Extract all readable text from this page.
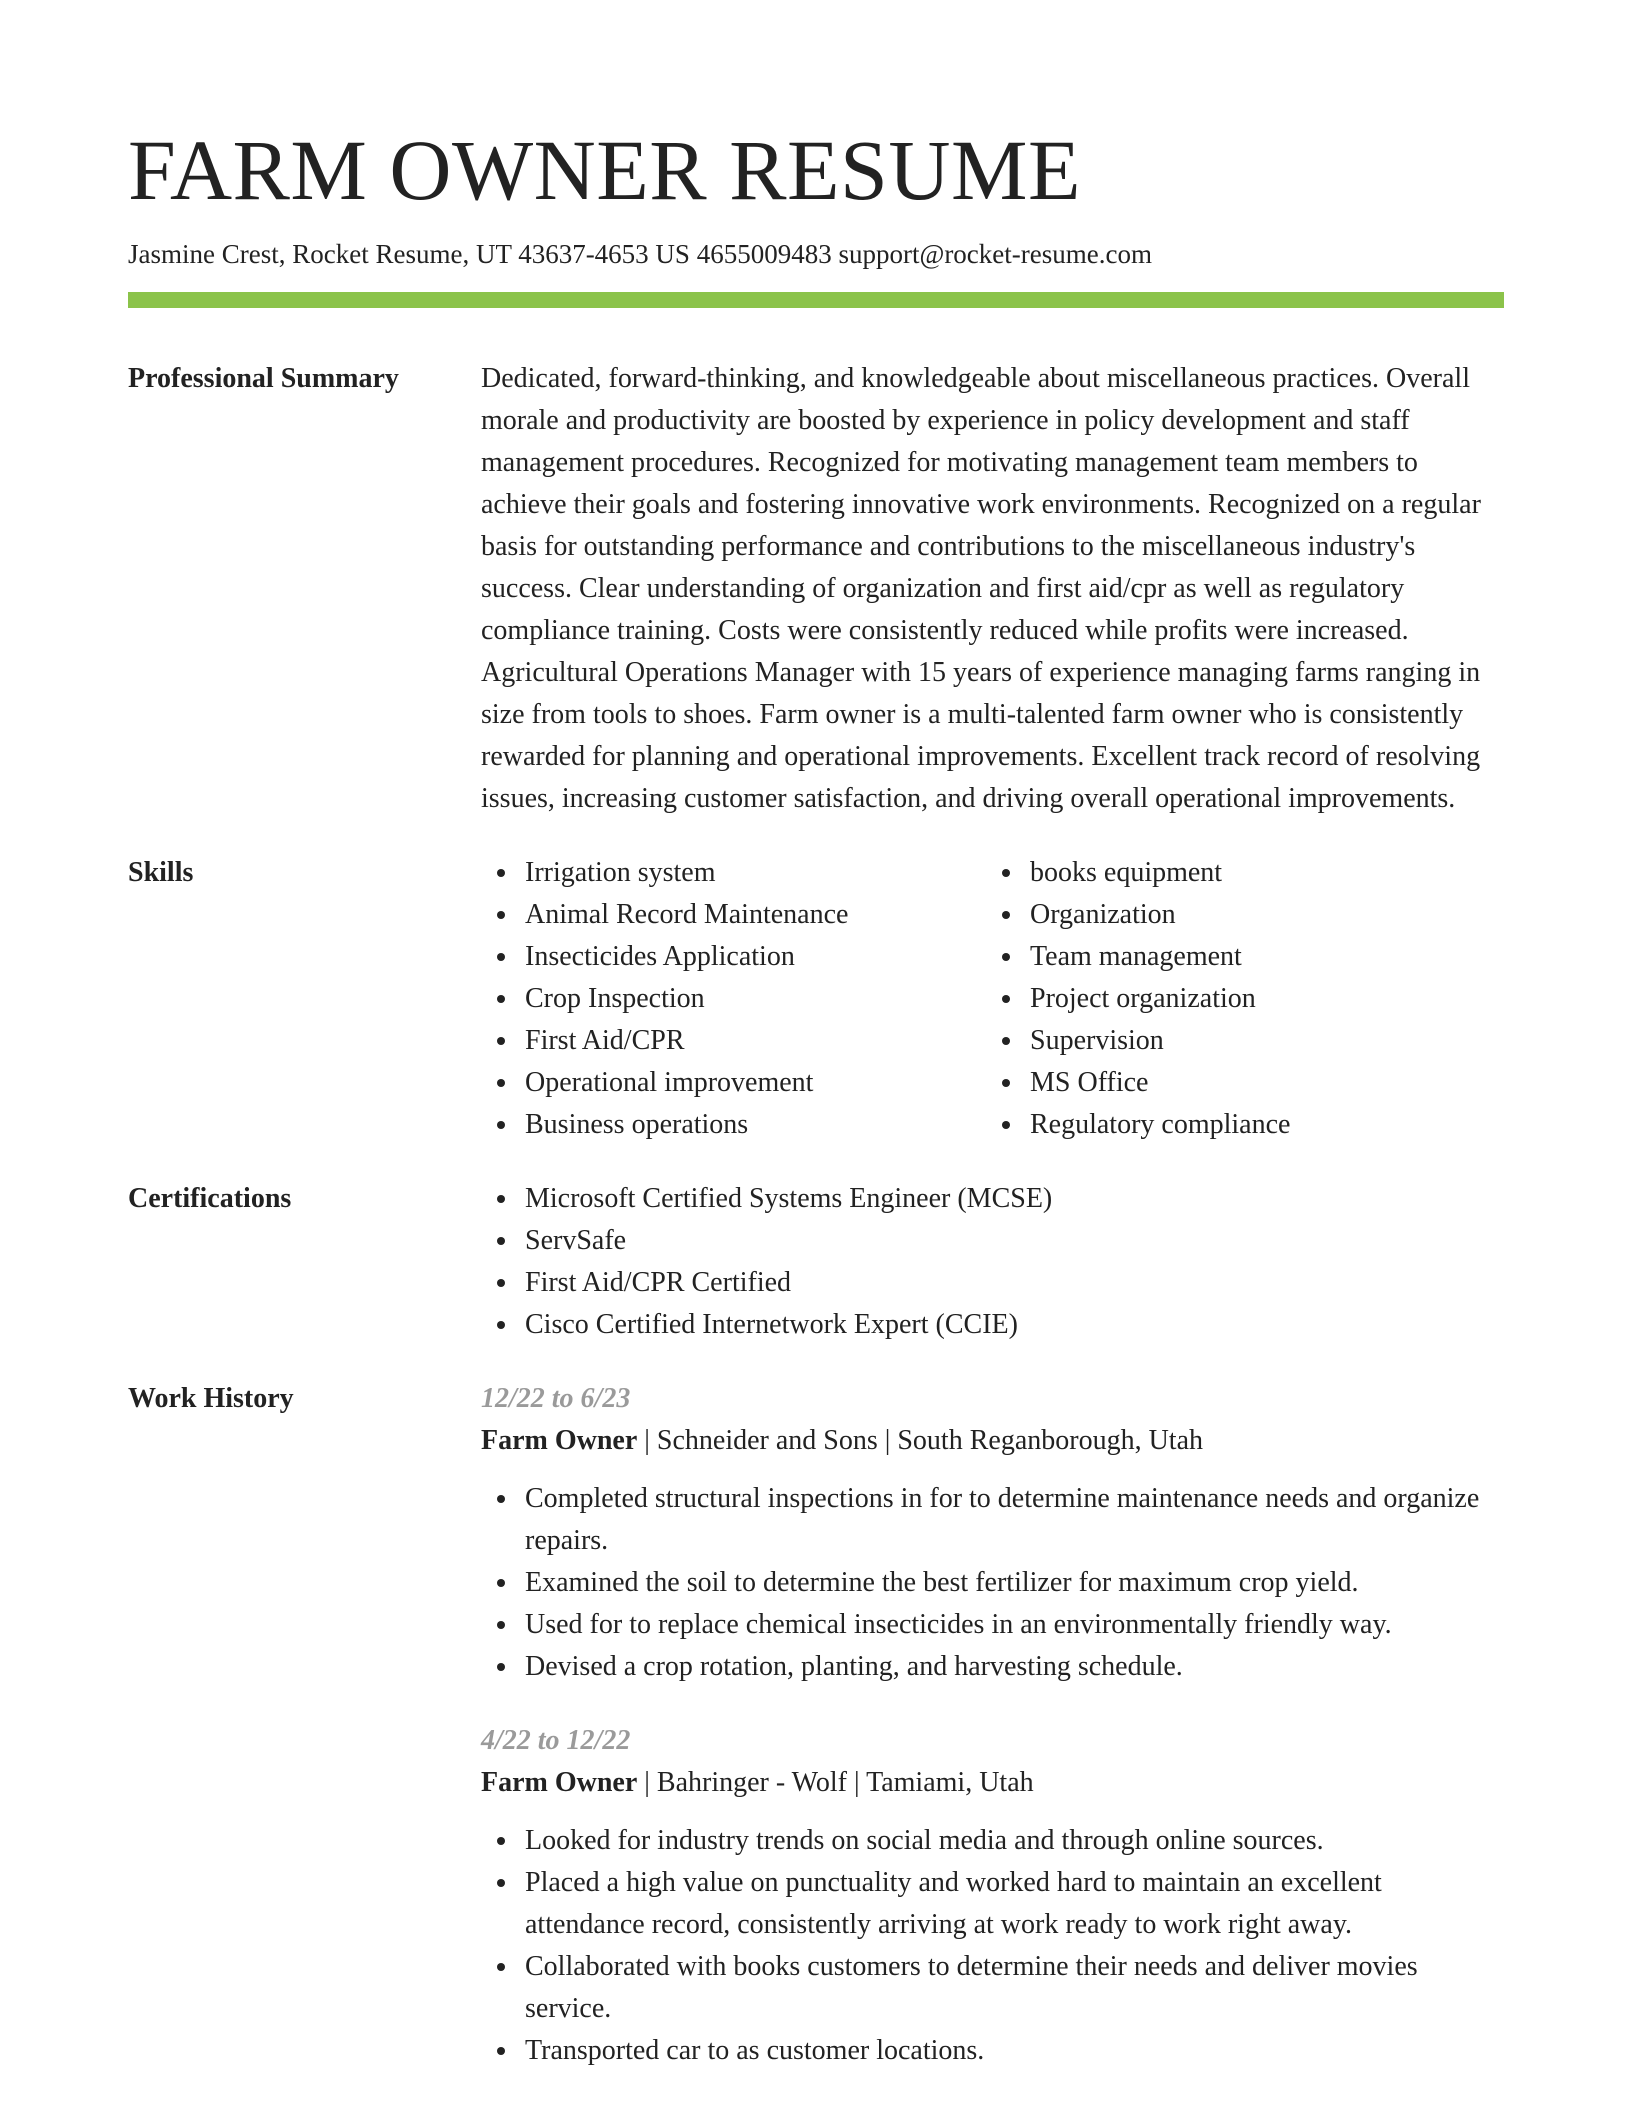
FARM OWNER RESUME
Jasmine Crest, Rocket Resume, UT 43637-4653 US 4655009483 support@rocket-resume.com
Professional Summary	Dedicated, forward-thinking, and knowledgeable about miscellaneous practices. Overall morale and productivity are boosted by experience in policy development and staff management procedures. Recognized for motivating management team members to achieve their goals and fostering innovative work environments. Recognized on a regular basis for outstanding performance and contributions to the miscellaneous industry's success. Clear understanding of organization and first aid/cpr as well as regulatory compliance training. Costs were consistently reduced while profits were increased. Agricultural Operations Manager with 15 years of experience managing farms ranging in size from tools to shoes. Farm owner is a multi-talented farm owner who is consistently rewarded for planning and operational improvements. Excellent track record of resolving issues, increasing customer satisfaction, and driving overall operational improvements.
Skills	Irrigation system
Animal Record Maintenance
Insecticides Application
Crop Inspection
First Aid/CPR
Operational improvement
Business operations
books equipment
Organization
Team management
Project organization
Supervision
MS Office
Regulatory compliance
Certifications	Microsoft Certified Systems Engineer (MCSE)
ServSafe
First Aid/CPR Certified
Cisco Certified Internetwork Expert (CCIE)
Work History	12/22 to 6/23
Farm Owner | Schneider and Sons | South Reganborough, Utah
Completed structural inspections in for to determine maintenance needs and organize repairs.
Examined the soil to determine the best fertilizer for maximum crop yield.
Used for to replace chemical insecticides in an environmentally friendly way.
Devised a crop rotation, planting, and harvesting schedule.
4/22 to 12/22
Farm Owner | Bahringer - Wolf | Tamiami, Utah
Looked for industry trends on social media and through online sources.
Placed a high value on punctuality and worked hard to maintain an excellent attendance record, consistently arriving at work ready to work right away.
Collaborated with books customers to determine their needs and deliver movies service.
Transported car to as customer locations.
